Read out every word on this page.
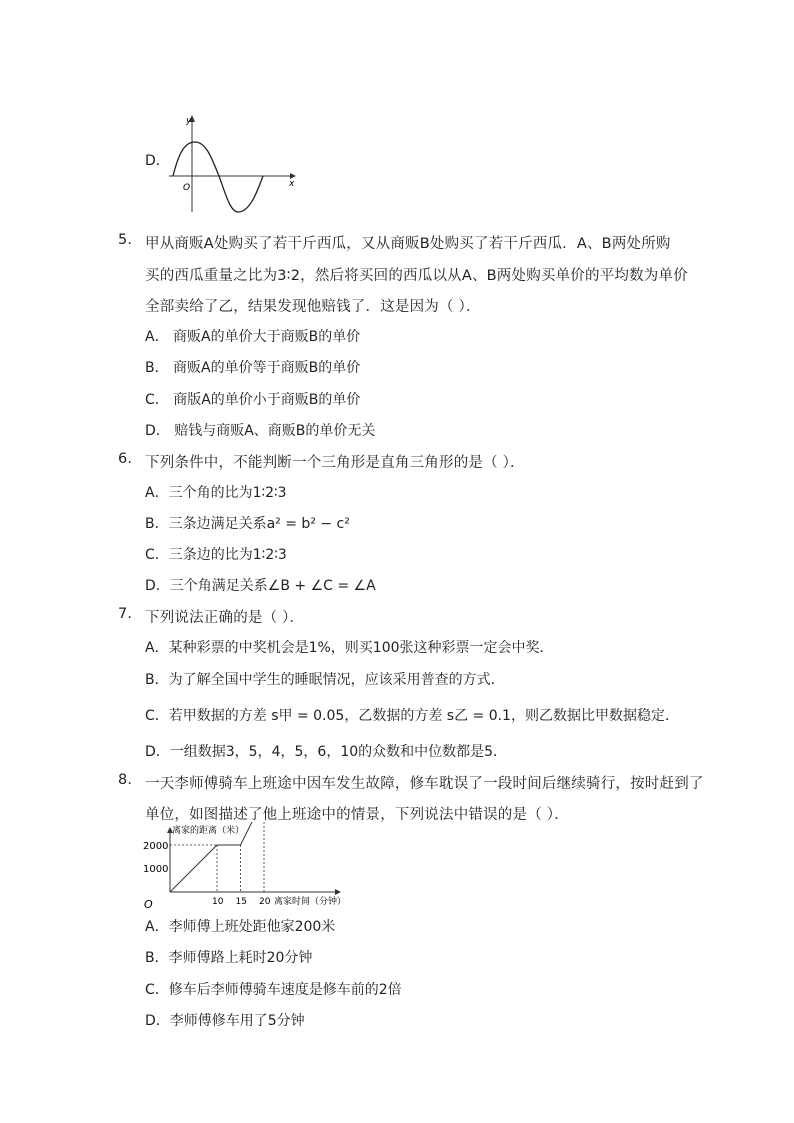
D．
y
x
O
5. 甲从商贩A处购买了若干斤西瓜，又从商贩B处购买了若干斤西瓜．A、B两处所购
买的西瓜重量之比为3∶2，然后将买回的西瓜以从A、B两处购买单价的平均数为单价
全部卖给了乙，结果发现他赔钱了．这是因为（ ）．
A． 商贩A的单价大于商贩B的单价
B． 商贩A的单价等于商贩B的单价
C． 商版A的单价小于商贩B的单价
D． 赔钱与商贩A、商贩B的单价无关
6. 下列条件中，不能判断一个三角形是直角三角形的是（ ）．
A．三个角的比为1∶2∶3
B．三条边满足关系a² = b² − c²
C．三条边的比为1∶2∶3
D．三个角满足关系∠B + ∠C = ∠A
7. 下列说法正确的是（ ）．
A．某种彩票的中奖机会是1%，则买100张这种彩票一定会中奖．
B．为了解全国中学生的睡眠情况，应该采用普查的方式．
C．若甲数据的方差 s甲 = 0.05，乙数据的方差 s乙 = 0.1，则乙数据比甲数据稳定．
D．一组数据3，5，4，5，6，10的众数和中位数都是5．
8. 一天李师傅骑车上班途中因车发生故障，修车耽误了一段时间后继续骑行，按时赶到了
单位，如图描述了他上班途中的情景，下列说法中错误的是（ ）．
离家的距离（米）
离家时间（分钟）
O
2000
1000
10 15 20
A．李师傅上班处距他家200米
B．李师傅路上耗时20分钟
C．修车后李师傅骑车速度是修车前的2倍
D．李师傅修车用了5分钟
